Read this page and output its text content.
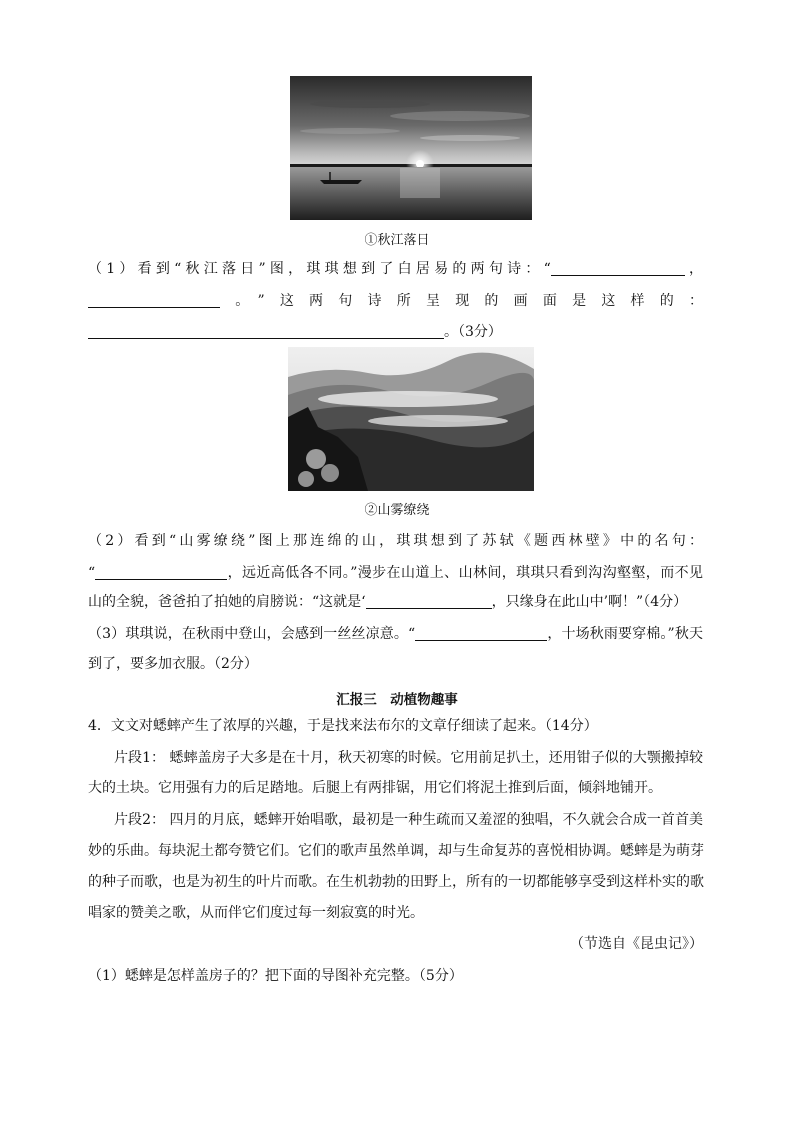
①秋江落日
（1）看到“秋江落日”图，琪琪想到了白居易的两句诗：“	，
。”这两句诗所呈现的画面是这样的：
。（3分）
②山雾缭绕
（2）看到“山雾缭绕”图上那连绵的山，琪琪想到了苏轼《题西林壁》中的名句：
“	，远近高低各不同。”漫步在山道上、山林间，琪琪只看到沟沟壑壑，而不见
山的全貌，爸爸拍了拍她的肩膀说：“这就是‘	，只缘身在此山中’啊！”（4分）
（3）琪琪说，在秋雨中登山，会感到一丝丝凉意。“	，十场秋雨要穿棉。”秋天
到了，要多加衣服。（2分）
汇报三　动植物趣事
4．文文对蟋蟀产生了浓厚的兴趣，于是找来法布尔的文章仔细读了起来。（14分）
片段1： 蟋蟀盖房子大多是在十月，秋天初寒的时候。它用前足扒土，还用钳子似的大颚搬掉较
大的土块。它用强有力的后足踏地。后腿上有两排锯，用它们将泥土推到后面，倾斜地铺开。
片段2： 四月的月底，蟋蟀开始唱歌，最初是一种生疏而又羞涩的独唱，不久就会合成一首首美
妙的乐曲。每块泥土都夸赞它们。它们的歌声虽然单调，却与生命复苏的喜悦相协调。蟋蟀是为萌芽
的种子而歌，也是为初生的叶片而歌。在生机勃勃的田野上，所有的一切都能够享受到这样朴实的歌
唱家的赞美之歌，从而伴它们度过每一刻寂寞的时光。
（节选自《昆虫记》）
（1）蟋蟀是怎样盖房子的？把下面的导图补充完整。（5分）
